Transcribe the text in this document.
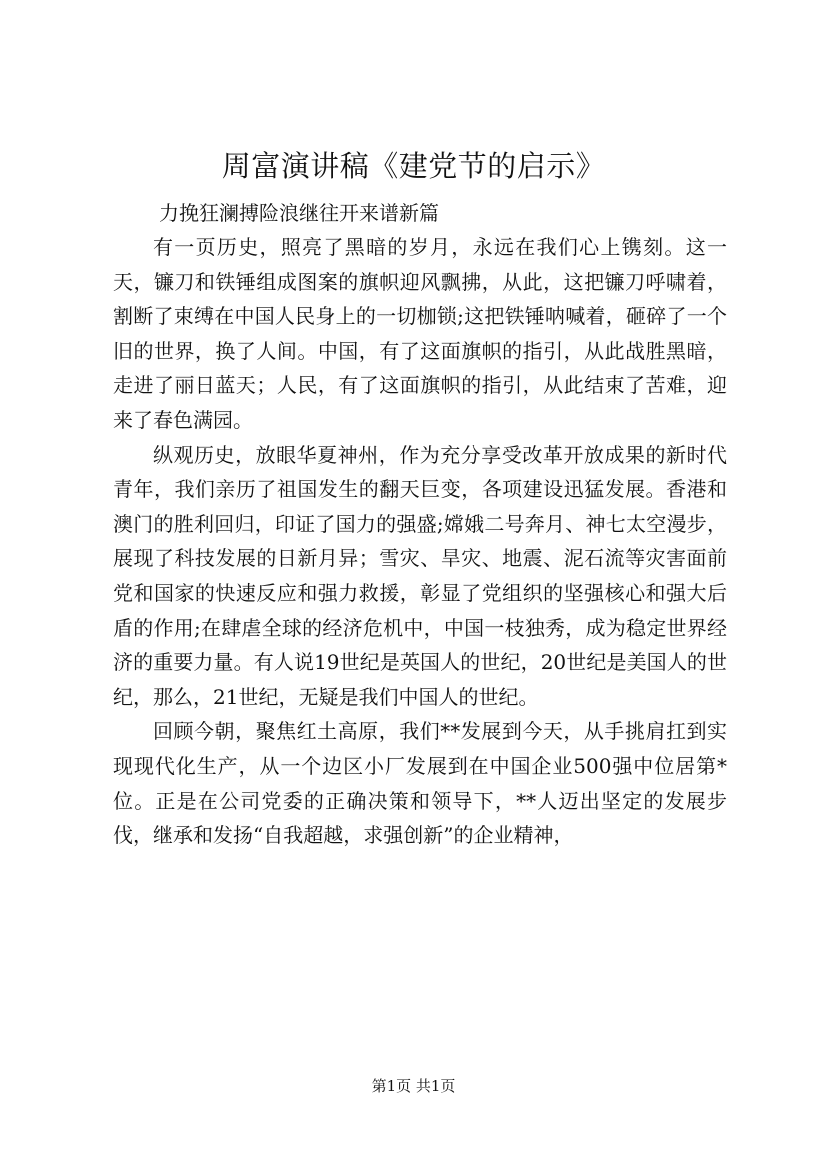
周富演讲稿《建党节的启示》

力挽狂澜搏险浪继往开来谱新篇

有一页历史，照亮了黑暗的岁月，永远在我们心上镌刻。这一天，镰刀和铁锤组成图案的旗帜迎风飘拂，从此，这把镰刀呼啸着，割断了束缚在中国人民身上的一切枷锁;这把铁锤呐喊着，砸碎了一个旧的世界，换了人间。中国，有了这面旗帜的指引，从此战胜黑暗，走进了丽日蓝天；人民，有了这面旗帜的指引，从此结束了苦难，迎来了春色满园。

纵观历史，放眼华夏神州，作为充分享受改革开放成果的新时代青年，我们亲历了祖国发生的翻天巨变，各项建设迅猛发展。香港和澳门的胜利回归，印证了国力的强盛;嫦娥二号奔月、神七太空漫步，展现了科技发展的日新月异；雪灾、旱灾、地震、泥石流等灾害面前党和国家的快速反应和强力救援，彰显了党组织的坚强核心和强大后盾的作用;在肆虐全球的经济危机中，中国一枝独秀，成为稳定世界经济的重要力量。有人说19世纪是英国人的世纪，20世纪是美国人的世纪，那么，21世纪，无疑是我们中国人的世纪。

回顾今朝，聚焦红土高原，我们**发展到今天，从手挑肩扛到实现现代化生产，从一个边区小厂发展到在中国企业500强中位居第*位。正是在公司党委的正确决策和领导下，**人迈出坚定的发展步伐，继承和发扬“自我超越，求强创新”的企业精神，

第1页 共1页
